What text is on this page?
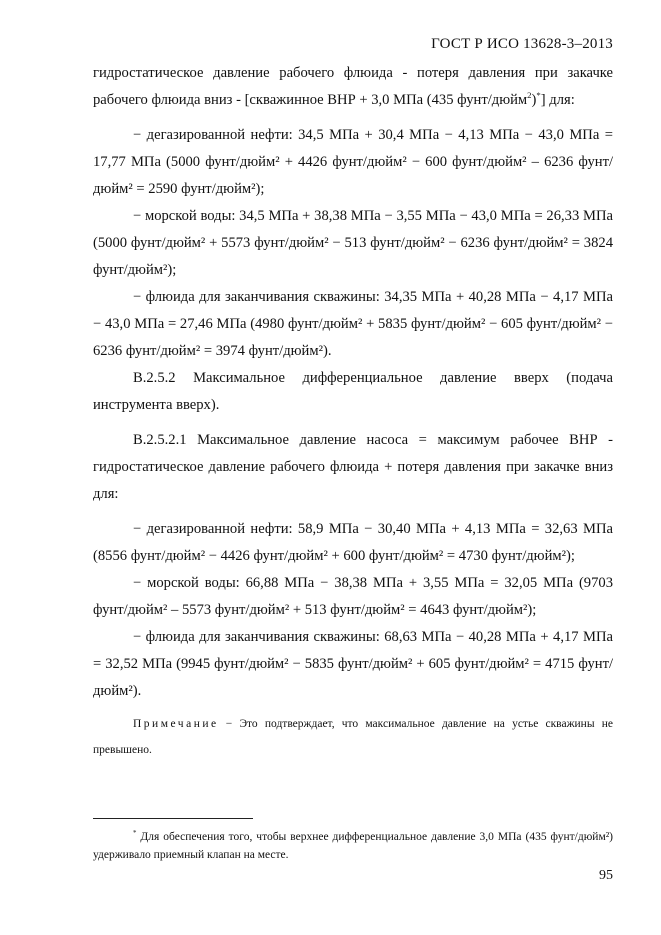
ГОСТ Р ИСО 13628-3–2013

гидростатическое давление рабочего флюида - потеря давления при закачке рабочего флюида вниз - [скважинное ВНР + 3,0 МПа (435 фунт/дюйм$^2$)*] для:

− дегазированной нефти: 34,5 МПа + 30,4 МПа − 4,13 МПа − 43,0 МПа = 17,77 МПа (5000 фунт/дюйм² + 4426 фунт/дюйм² − 600 фунт/дюйм² – 6236 фунт/дюйм² = 2590 фунт/дюйм²);

− морской воды: 34,5 МПа + 38,38 МПа − 3,55 МПа − 43,0 МПа = 26,33 МПа (5000 фунт/дюйм² + 5573 фунт/дюйм² − 513 фунт/дюйм² − 6236 фунт/дюйм² = 3824 фунт/дюйм²);

− флюида для заканчивания скважины: 34,35 МПа + 40,28 МПа − 4,17 МПа − 43,0 МПа = 27,46 МПа (4980 фунт/дюйм² + 5835 фунт/дюйм² − 605 фунт/дюйм² − 6236 фунт/дюйм² = 3974 фунт/дюйм²).

В.2.5.2 Максимальное дифференциальное давление вверх (подача инструмента вверх).

В.2.5.2.1 Максимальное давление насоса = максимум рабочее ВНР - гидростатическое давление рабочего флюида + потеря давления при закачке вниз для:

− дегазированной нефти: 58,9 МПа − 30,40 МПа + 4,13 МПа = 32,63 МПа (8556 фунт/дюйм² − 4426 фунт/дюйм² + 600 фунт/дюйм² = 4730 фунт/дюйм²);

− морской воды: 66,88 МПа − 38,38 МПа + 3,55 МПа = 32,05 МПа (9703 фунт/дюйм² – 5573 фунт/дюйм² + 513 фунт/дюйм² = 4643 фунт/дюйм²);

− флюида для заканчивания скважины: 68,63 МПа − 40,28 МПа + 4,17 МПа = 32,52 МПа (9945 фунт/дюйм² − 5835 фунт/дюйм² + 605 фунт/дюйм² = 4715 фунт/дюйм²).

Примечание − Это подтверждает, что максимальное давление на устье скважины не превышено.

* Для обеспечения того, чтобы верхнее дифференциальное давление 3,0 МПа (435 фунт/дюйм²) удерживало приемный клапан на месте.
95
